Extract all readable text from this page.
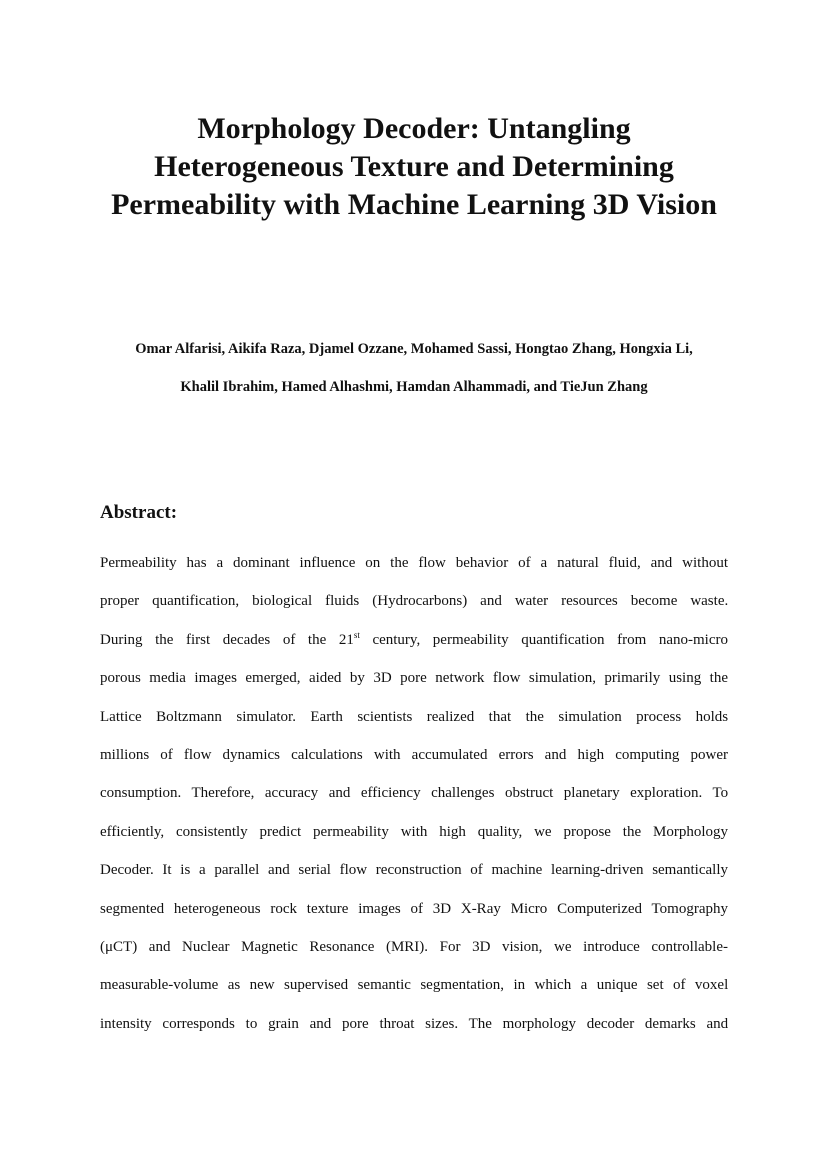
Morphology Decoder: Untangling Heterogeneous Texture and Determining Permeability with Machine Learning 3D Vision
Omar Alfarisi, Aikifa Raza, Djamel Ozzane, Mohamed Sassi, Hongtao Zhang, Hongxia Li,
Khalil Ibrahim, Hamed Alhashmi, Hamdan Alhammadi, and TieJun Zhang
Abstract:
Permeability has a dominant influence on the flow behavior of a natural fluid, and without
proper quantification, biological fluids (Hydrocarbons) and water resources become waste.
During the first decades of the 21st century, permeability quantification from nano-micro
porous media images emerged, aided by 3D pore network flow simulation, primarily using the
Lattice Boltzmann simulator. Earth scientists realized that the simulation process holds
millions of flow dynamics calculations with accumulated errors and high computing power
consumption. Therefore, accuracy and efficiency challenges obstruct planetary exploration. To
efficiently, consistently predict permeability with high quality, we propose the Morphology
Decoder. It is a parallel and serial flow reconstruction of machine learning-driven semantically
segmented heterogeneous rock texture images of 3D X-Ray Micro Computerized Tomography
(μCT) and Nuclear Magnetic Resonance (MRI). For 3D vision, we introduce controllable-
measurable-volume as new supervised semantic segmentation, in which a unique set of voxel
intensity corresponds to grain and pore throat sizes. The morphology decoder demarks and
